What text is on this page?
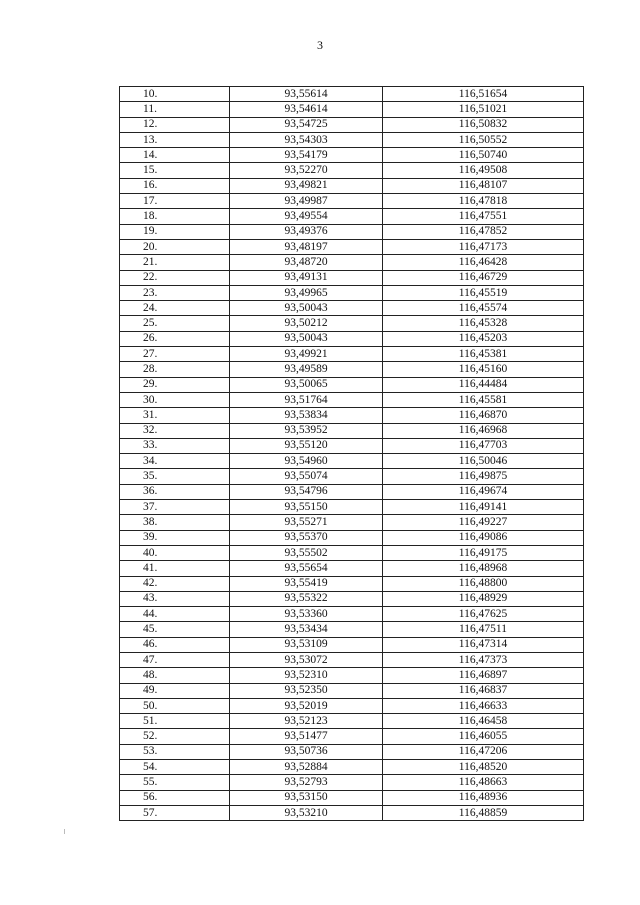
3
10.	93,55614	116,51654
11.	93,54614	116,51021
12.	93,54725	116,50832
13.	93,54303	116,50552
14.	93,54179	116,50740
15.	93,52270	116,49508
16.	93,49821	116,48107
17.	93,49987	116,47818
18.	93,49554	116,47551
19.	93,49376	116,47852
20.	93,48197	116,47173
21.	93,48720	116,46428
22.	93,49131	116,46729
23.	93,49965	116,45519
24.	93,50043	116,45574
25.	93,50212	116,45328
26.	93,50043	116,45203
27.	93,49921	116,45381
28.	93,49589	116,45160
29.	93,50065	116,44484
30.	93,51764	116,45581
31.	93,53834	116,46870
32.	93,53952	116,46968
33.	93,55120	116,47703
34.	93,54960	116,50046
35.	93,55074	116,49875
36.	93,54796	116,49674
37.	93,55150	116,49141
38.	93,55271	116,49227
39.	93,55370	116,49086
40.	93,55502	116,49175
41.	93,55654	116,48968
42.	93,55419	116,48800
43.	93,55322	116,48929
44.	93,53360	116,47625
45.	93,53434	116,47511
46.	93,53109	116,47314
47.	93,53072	116,47373
48.	93,52310	116,46897
49.	93,52350	116,46837
50.	93,52019	116,46633
51.	93,52123	116,46458
52.	93,51477	116,46055
53.	93,50736	116,47206
54.	93,52884	116,48520
55.	93,52793	116,48663
56.	93,53150	116,48936
57.	93,53210	116,48859
